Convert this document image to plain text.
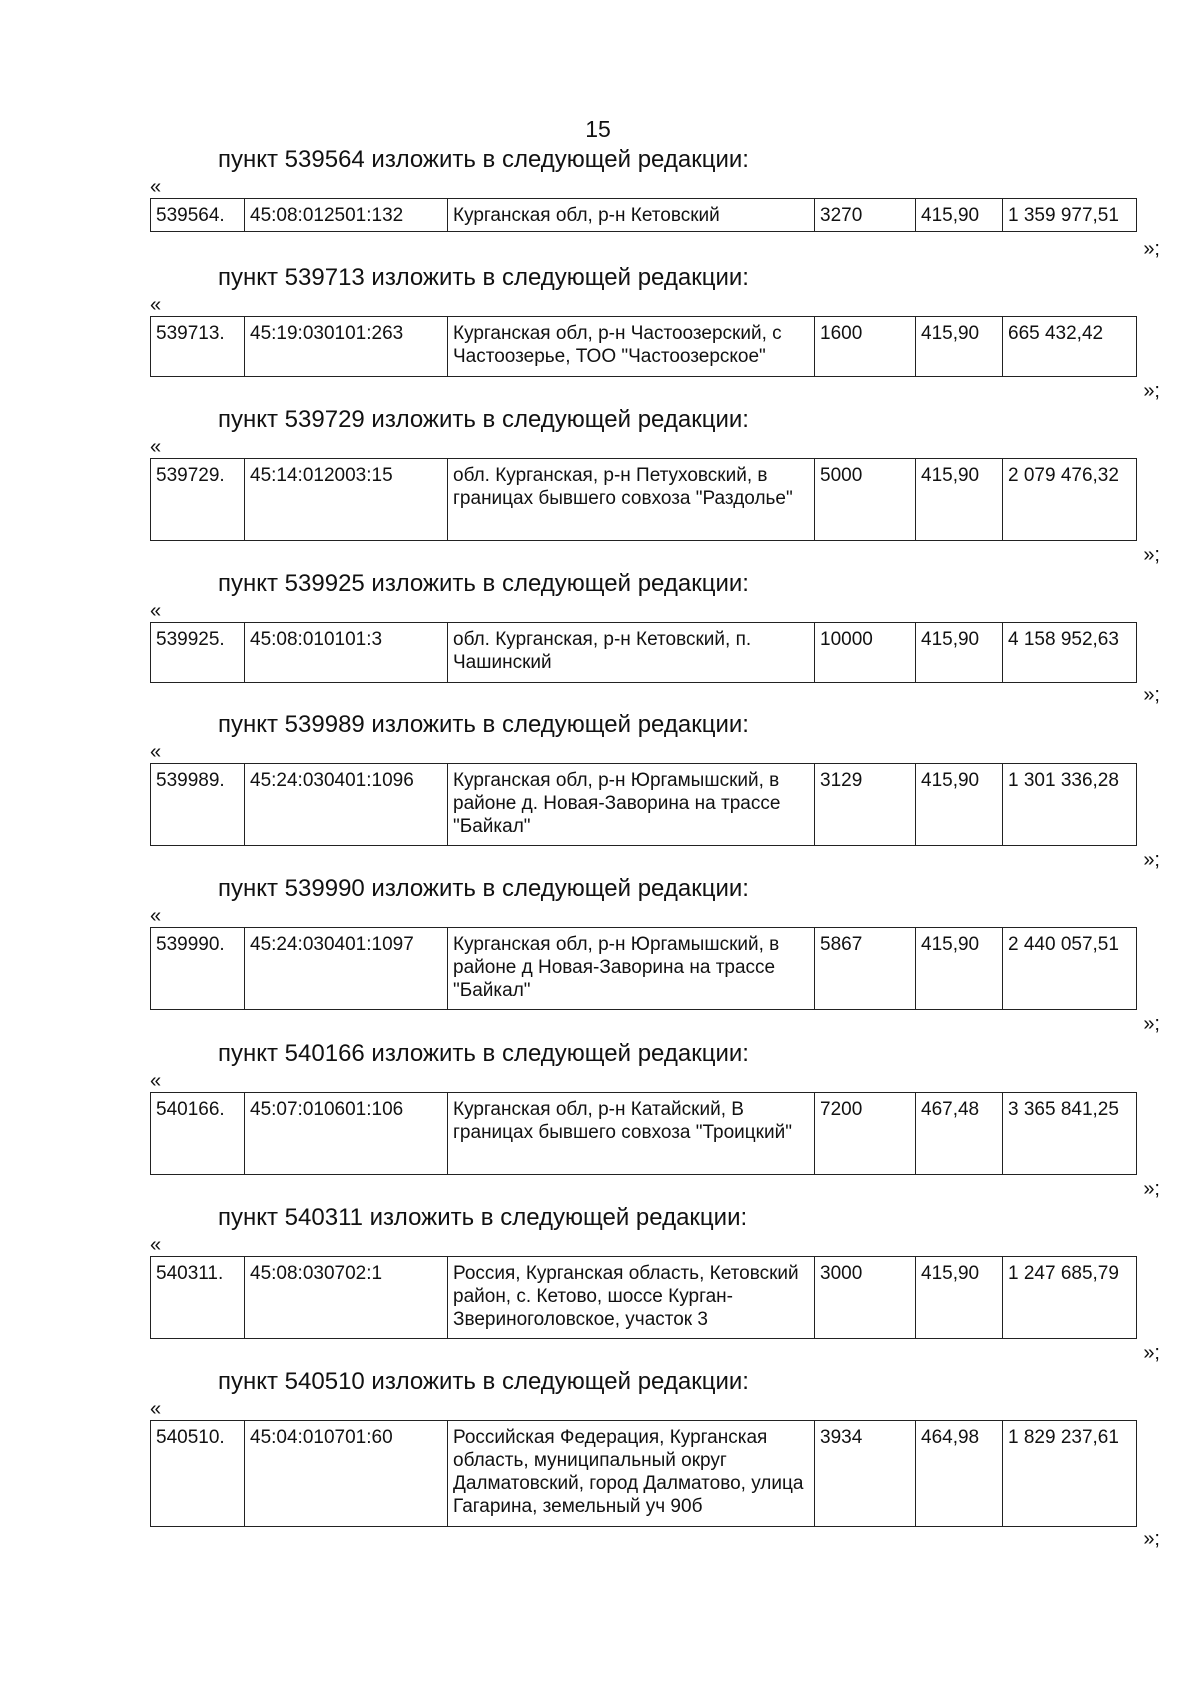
15
пункт 539564 изложить в следующей редакции:
«
539564.	45:08:012501:132	Курганская обл, р-н Кетовский	3270	415,90	1 359 977,51
»;
пункт 539713 изложить в следующей редакции:
«
539713.	45:19:030101:263	Курганская обл, р-н Частоозерский, с Частоозерье, ТОО "Частоозерское"	1600	415,90	665 432,42
»;
пункт 539729 изложить в следующей редакции:
«
539729.	45:14:012003:15	обл. Курганская, р-н Петуховский, в границах бывшего совхоза "Раздолье"	5000	415,90	2 079 476,32
»;
пункт 539925 изложить в следующей редакции:
«
539925.	45:08:010101:3	обл. Курганская, р-н Кетовский, п. Чашинский	10000	415,90	4 158 952,63
»;
пункт 539989 изложить в следующей редакции:
«
539989.	45:24:030401:1096	Курганская обл, р-н Юргамышский, в районе д. Новая-Заворина на трассе "Байкал"	3129	415,90	1 301 336,28
»;
пункт 539990 изложить в следующей редакции:
«
539990.	45:24:030401:1097	Курганская обл, р-н Юргамышский, в районе д Новая-Заворина на трассе "Байкал"	5867	415,90	2 440 057,51
»;
пункт 540166 изложить в следующей редакции:
«
540166.	45:07:010601:106	Курганская обл, р-н Катайский, В границах бывшего совхоза "Троицкий"	7200	467,48	3 365 841,25
»;
пункт 540311 изложить в следующей редакции:
«
540311.	45:08:030702:1	Россия, Курганская область, Кетовский район, с. Кетово, шоссе Курган-Звериноголовское, участок 3	3000	415,90	1 247 685,79
»;
пункт 540510 изложить в следующей редакции:
«
540510.	45:04:010701:60	Российская Федерация, Курганская область, муниципальный округ Далматовский, город Далматово, улица Гагарина, земельный уч 90б	3934	464,98	1 829 237,61
»;
